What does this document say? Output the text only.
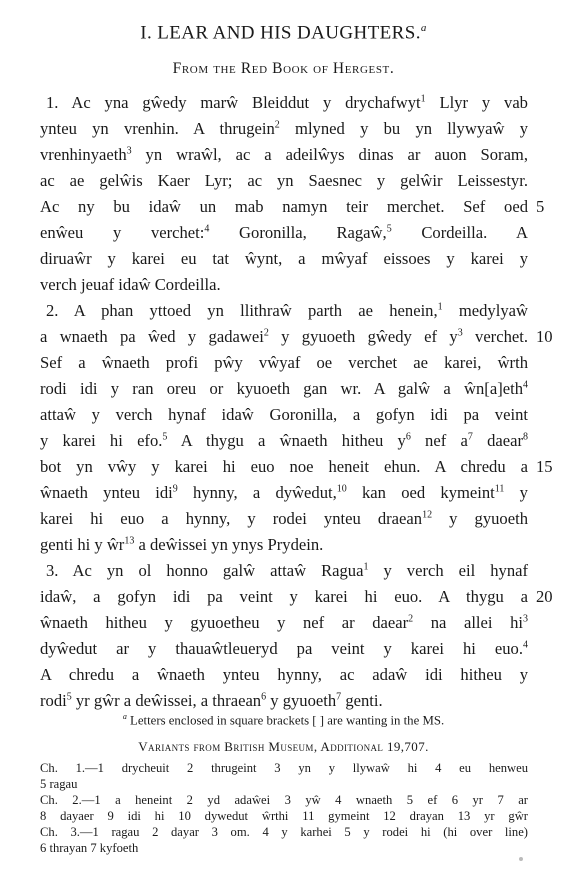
I. LEAR AND HIS DAUGHTERS.$^a$
From the Red Book of Hergest.
1. Ac yna gŵedy marŵ Bleiddut y drychafwyt$^1$ Llyr y vab
ynteu yn vrenhin. A thrugein$^2$ mlyned y bu yn llywyaŵ y
vrenhinyaeth$^3$ yn wraŵl, ac a adeilŵys dinas ar auon Soram,
ac ae gelŵis Kaer Lyr; ac yn Saesnec y gelŵir Leissestyr.
Ac ny bu idaŵ un mab namyn teir merchet. Sef oed
enŵeu y verchet:$^4$ Goronilla, Ragaŵ,$^5$ Cordeilla. A
diruaŵr y karei eu tat ŵynt, a mŵyaf eissoes y karei y
verch jeuaf idaŵ Cordeilla.
2. A phan yttoed yn llithraŵ parth ae henein,$^1$ medylyaŵ
a wnaeth pa ŵed y gadawei$^2$ y gyuoeth gŵedy ef $y^3$ verchet.
Sef a ŵnaeth profi pŵy vŵyaf oe verchet ae karei, ŵrth
rodi idi y ran oreu or kyuoeth gan wr. A galŵ a ŵn[a]eth$^4$
attaŵ y verch hynaf idaŵ Goronilla, a gofyn idi pa veint
y karei hi efo.$^5$ A thygu a ŵnaeth hitheu $y^6$ nef $a^7$ daear$^8$
bot yn vŵy y karei hi euo noe heneit ehun. A chredu a
ŵnaeth ynteu idi$^9$ hynny, a dyŵedut,$^{10}$ kan oed kymeint$^{11}$ y
karei hi euo a hynny, y rodei ynteu draean$^{12}$ y gyuoeth
genti hi y $ŵr^{13}$ a deŵissei yn ynys Prydein.
3. Ac yn ol honno galŵ attaŵ Ragua$^1$ y verch eil hynaf
idaŵ, a gofyn idi pa veint y karei hi euo. A thygu a
ŵnaeth hitheu y gyuoetheu y nef ar daear$^2$ na allei $hi^3$
dyŵedut ar y thauaŵtleueryd pa veint y karei hi euo.$^4$
A chredu a ŵnaeth ynteu hynny, ac adaŵ idi hitheu y
rodi$^5$ yr gŵr a deŵissei, a thraean$^6$ y gyuoeth$^7$ genti.
5
10
15
20
$^a$ Letters enclosed in square brackets [ ] are wanting in the MS.
Variants from British Museum, Additional 19,707.
Ch. 1.—1 drycheuit 2 thrugeint 3 yn y llywaŵ hi 4 eu henweu
5 ragau
Ch. 2.—1 a heneint 2 yd adaŵei 3 yŵ 4 wnaeth 5 ef 6 yr 7 ar
8 dayaer 9 idi hi 10 dywedut ŵrthi 11 gymeint 12 drayan 13 yr gŵr
Ch. 3.—1 ragau 2 dayar 3 om. 4 y karhei 5 y rodei hi (hi over line)
6 thrayan 7 kyfoeth
